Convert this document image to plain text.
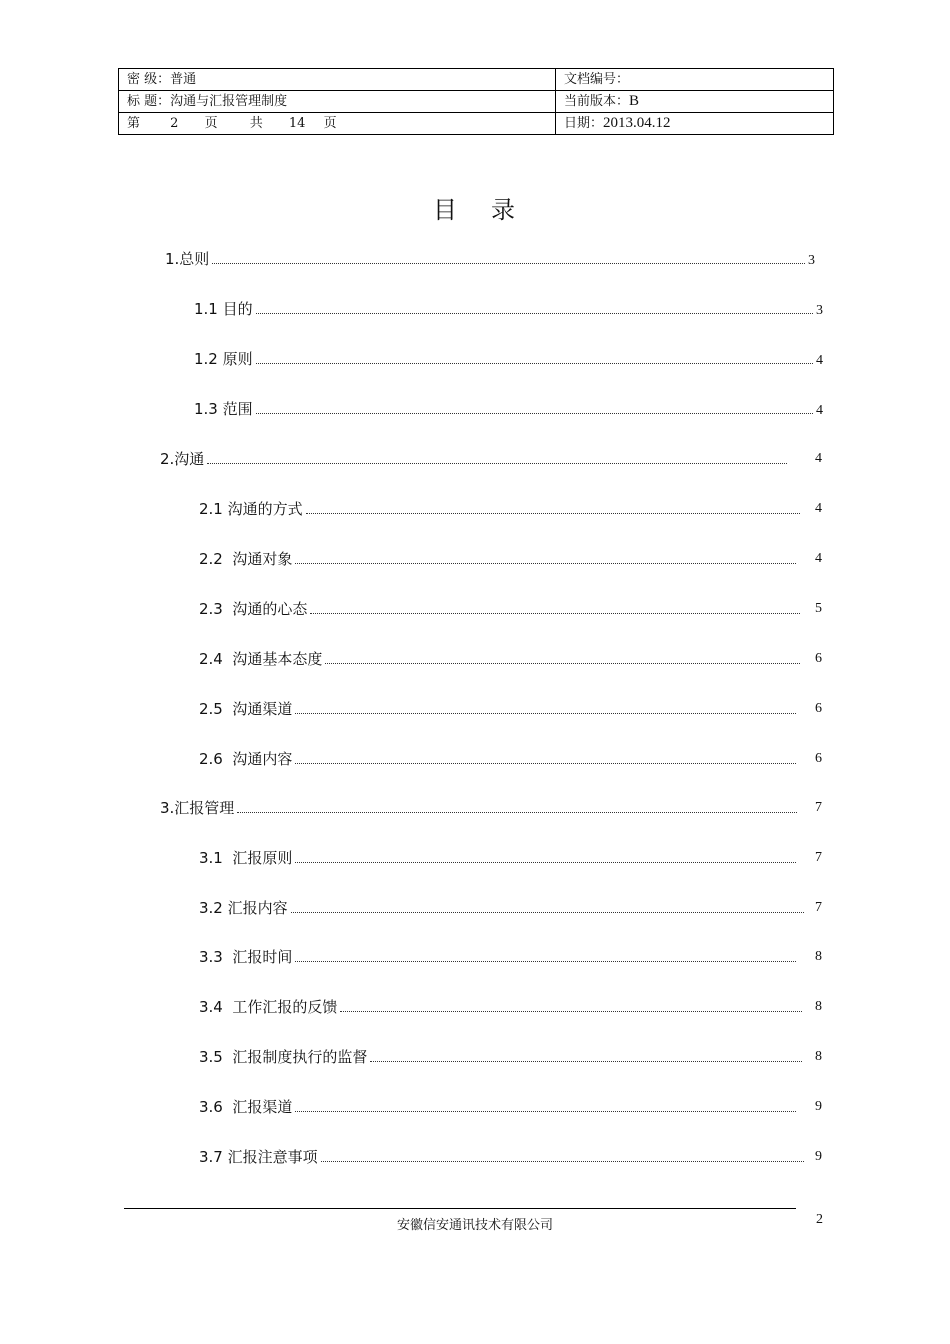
密 级：普通	文档编号：
标 题：沟通与汇报管理制度	当前版本：B
第 2 页 共 14 页	日期：2013.04.12
目 录
1.总则	3
1.1 目的	3
1.2 原则	4
1.3 范围	4
2.沟通	4
2.1 沟通的方式	4
2.2  沟通对象	4
2.3  沟通的心态	5
2.4  沟通基本态度	6
2.5  沟通渠道	6
2.6  沟通内容	6
3.汇报管理	7
3.1  汇报原则	7
3.2 汇报内容	7
3.3  汇报时间	8
3.4  工作汇报的反馈	8
3.5  汇报制度执行的监督	8
3.6  汇报渠道	9
3.7 汇报注意事项	9
安徽信安通讯技术有限公司	2
